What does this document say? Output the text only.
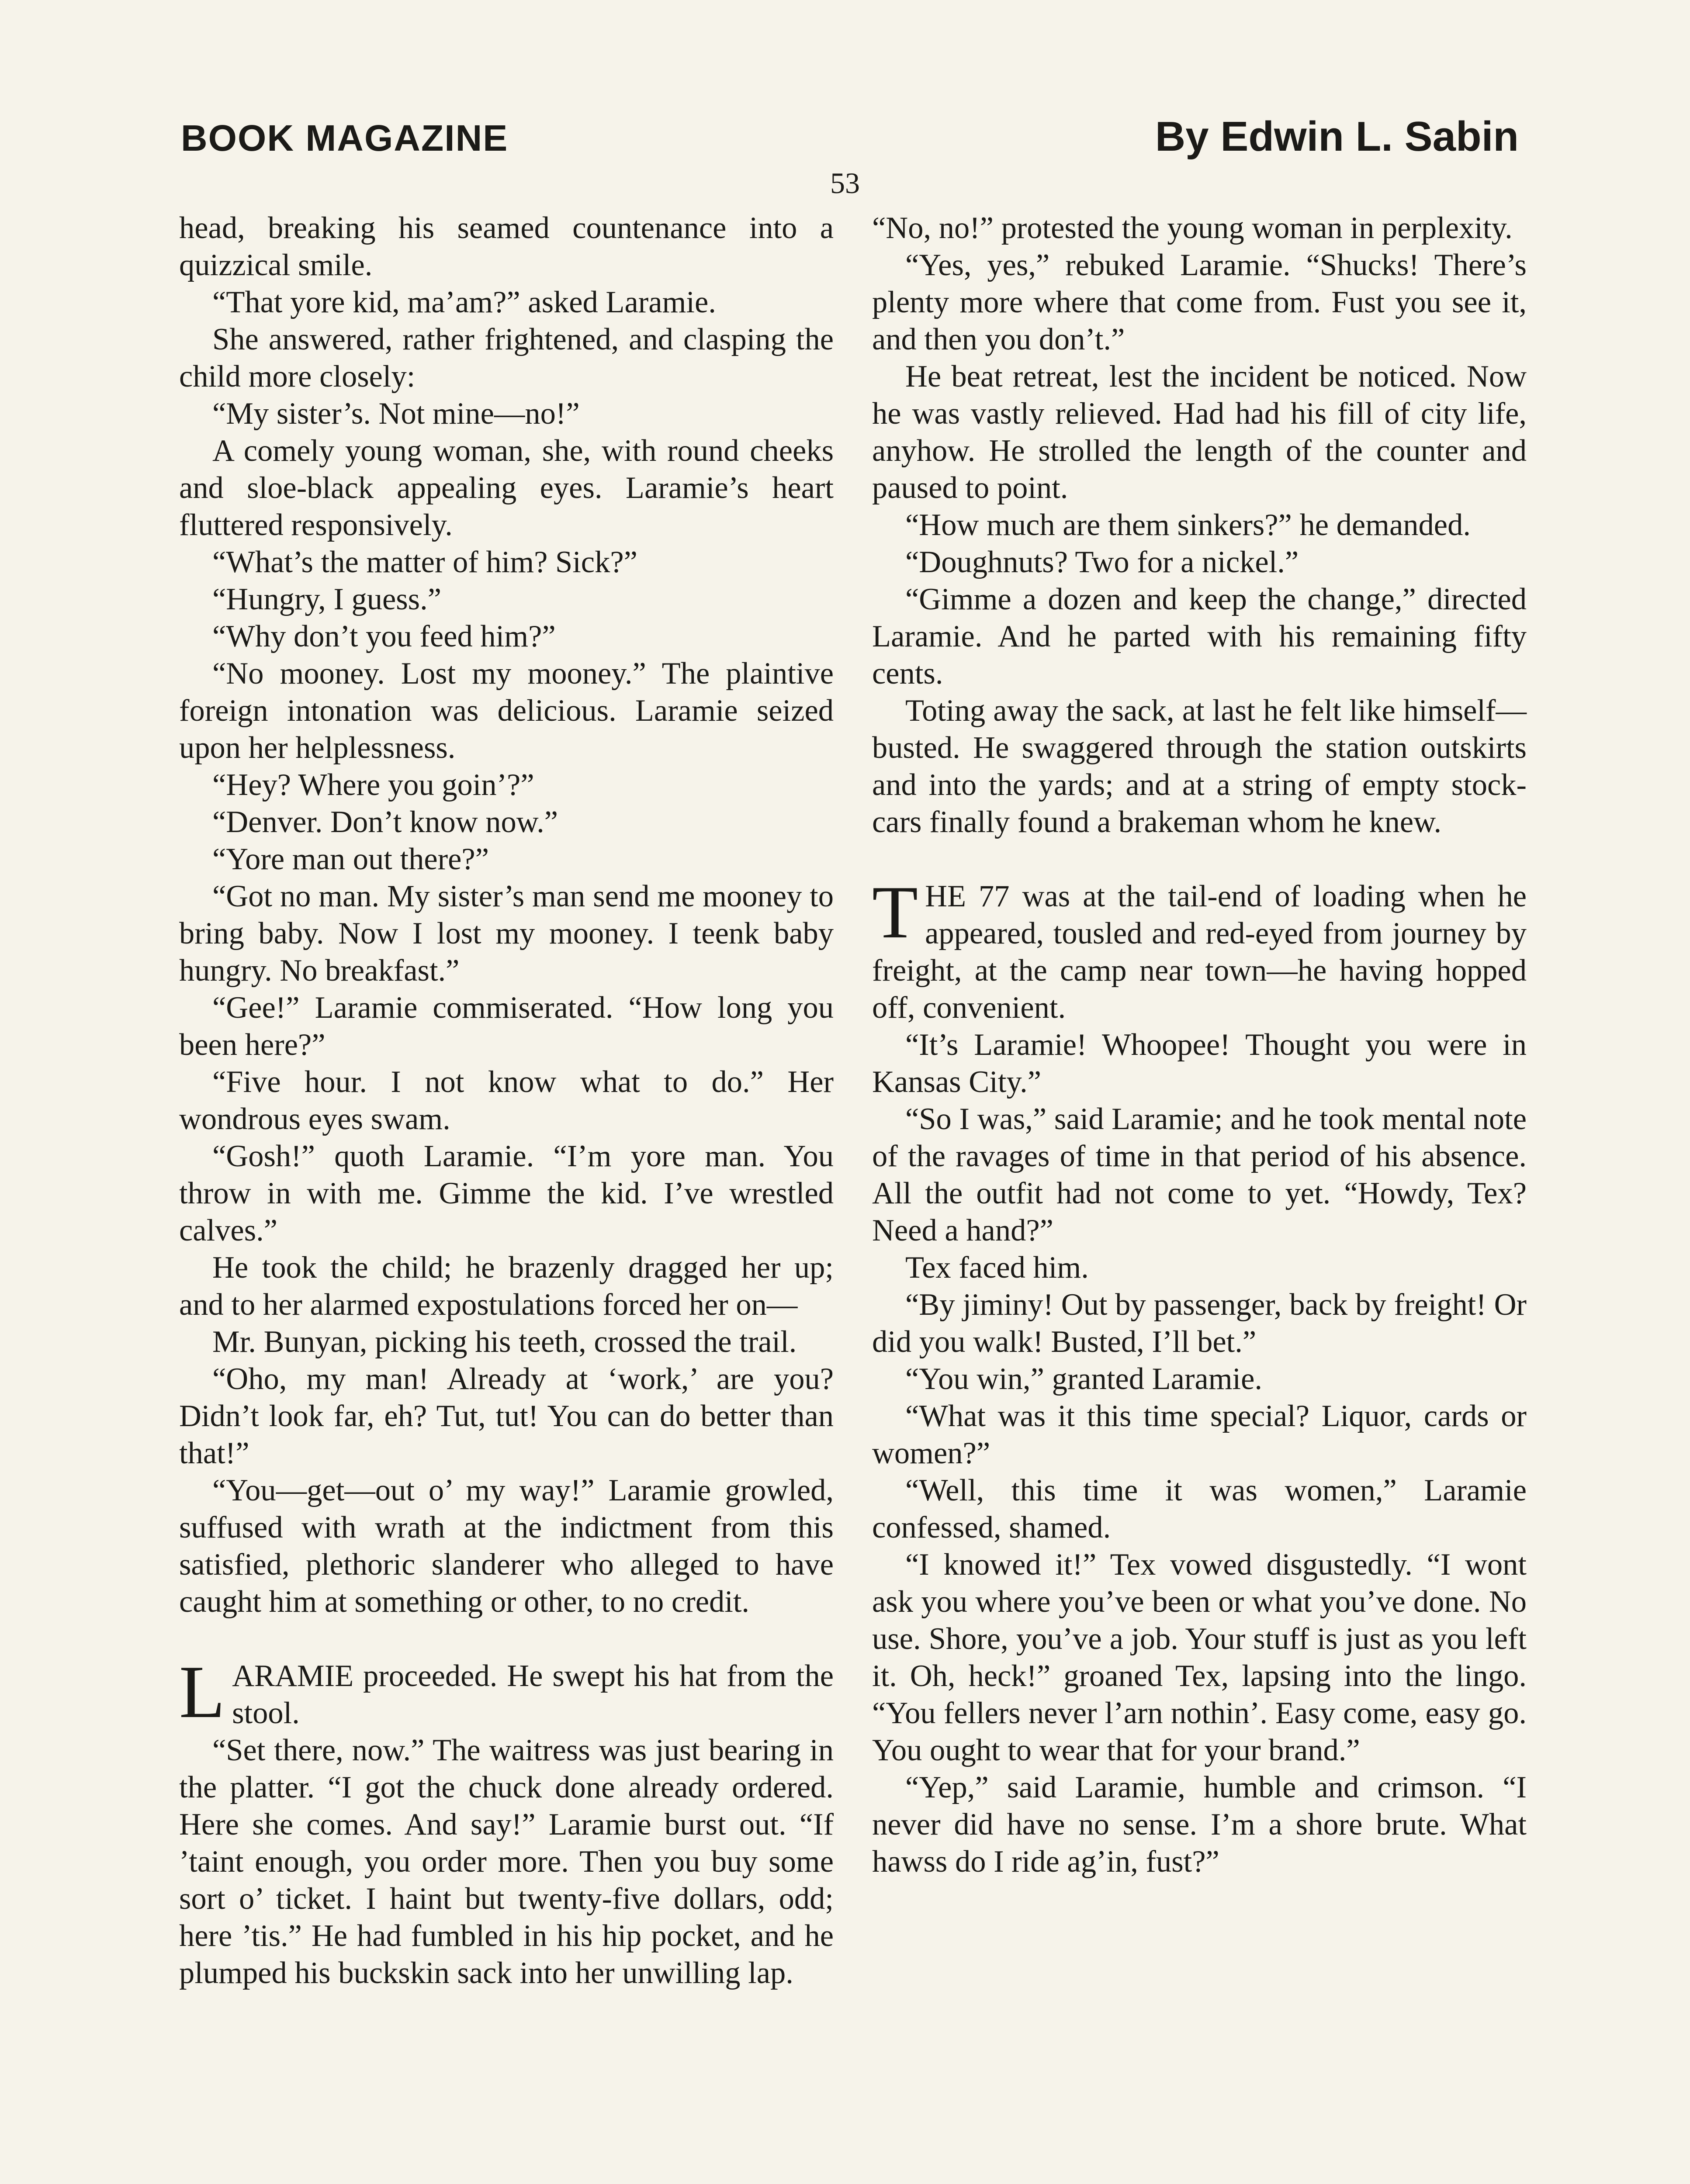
BOOK MAGAZINE	By Edwin L. Sabin
53

head, breaking his seamed countenance into a quizzical smile.

“That yore kid, ma’am?” asked Laramie.

She answered, rather frightened, and clasping the child more closely:

“My sister’s. Not mine—no!”

A comely young woman, she, with round cheeks and sloe-black appealing eyes. Laramie’s heart fluttered responsively.

“What’s the matter of him? Sick?”

“Hungry, I guess.”

“Why don’t you feed him?”

“No mooney. Lost my mooney.” The plaintive foreign intonation was delicious. Laramie seized upon her helplessness.

“Hey? Where you goin’?”

“Denver. Don’t know now.”

“Yore man out there?”

“Got no man. My sister’s man send me mooney to bring baby. Now I lost my mooney. I teenk baby hungry. No breakfast.”

“Gee!” Laramie commiserated. “How long you been here?”

“Five hour. I not know what to do.” Her wondrous eyes swam.

“Gosh!” quoth Laramie. “I’m yore man. You throw in with me. Gimme the kid. I’ve wrestled calves.”

He took the child; he brazenly dragged her up; and to her alarmed expostulations forced her on—

Mr. Bunyan, picking his teeth, crossed the trail.

“Oho, my man! Already at ‘work,’ are you? Didn’t look far, eh? Tut, tut! You can do better than that!”

“You—get—out o’ my way!” Laramie growled, suffused with wrath at the indictment from this satisfied, plethoric slanderer who alleged to have caught him at something or other, to no credit.

LARAMIE proceeded. He swept his hat from the stool.

“Set there, now.” The waitress was just bearing in the platter. “I got the chuck done already ordered. Here she comes. And say!” Laramie burst out. “If ’taint enough, you order more. Then you buy some sort o’ ticket. I haint but twenty-five dollars, odd; here ’tis.” He had fumbled in his hip pocket, and he plumped his buckskin sack into her unwilling lap.

“No, no!” protested the young woman in perplexity.

“Yes, yes,” rebuked Laramie. “Shucks! There’s plenty more where that come from. Fust you see it, and then you don’t.”

He beat retreat, lest the incident be noticed. Now he was vastly relieved. Had had his fill of city life, anyhow. He strolled the length of the counter and paused to point.

“How much are them sinkers?” he demanded.

“Doughnuts? Two for a nickel.”

“Gimme a dozen and keep the change,” directed Laramie. And he parted with his remaining fifty cents.

Toting away the sack, at last he felt like himself—busted. He swaggered through the station outskirts and into the yards; and at a string of empty stock-cars finally found a brakeman whom he knew.

THE 77 was at the tail-end of loading when he appeared, tousled and red-eyed from journey by freight, at the camp near town—he having hopped off, convenient.

“It’s Laramie! Whoopee! Thought you were in Kansas City.”

“So I was,” said Laramie; and he took mental note of the ravages of time in that period of his absence. All the outfit had not come to yet. “Howdy, Tex? Need a hand?”

Tex faced him.

“By jiminy! Out by passenger, back by freight! Or did you walk! Busted, I’ll bet.”

“You win,” granted Laramie.

“What was it this time special? Liquor, cards or women?”

“Well, this time it was women,” Laramie confessed, shamed.

“I knowed it!” Tex vowed disgustedly. “I wont ask you where you’ve been or what you’ve done. No use. Shore, you’ve a job. Your stuff is just as you left it. Oh, heck!” groaned Tex, lapsing into the lingo. “You fellers never l’arn nothin’. Easy come, easy go. You ought to wear that for your brand.”

“Yep,” said Laramie, humble and crimson. “I never did have no sense. I’m a shore brute. What hawss do I ride ag’in, fust?”
